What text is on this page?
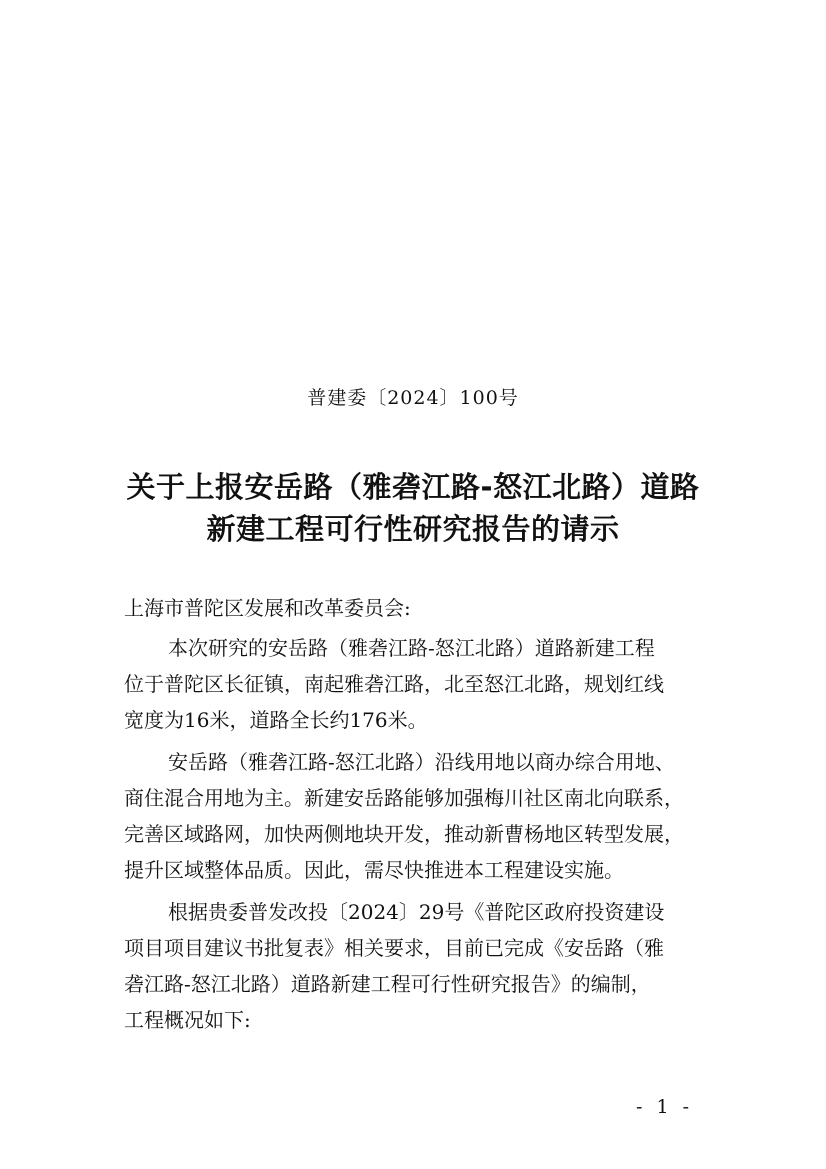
普建委〔2024〕100号
关于上报安岳路（雅砻江路-怒江北路）道路
新建工程可行性研究报告的请示
上海市普陀区发展和改革委员会:
本次研究的安岳路（雅砻江路-怒江北路）道路新建工程
位于普陀区长征镇，南起雅砻江路，北至怒江北路，规划红线
宽度为16米，道路全长约176米。
安岳路（雅砻江路-怒江北路）沿线用地以商办综合用地、
商住混合用地为主。新建安岳路能够加强梅川社区南北向联系，
完善区域路网，加快两侧地块开发，推动新曹杨地区转型发展，
提升区域整体品质。因此，需尽快推进本工程建设实施。
根据贵委普发改投〔2024〕29号《普陀区政府投资建设
项目项目建议书批复表》相关要求，目前已完成《安岳路（雅
砻江路-怒江北路）道路新建工程可行性研究报告》的编制，
工程概况如下:
- 1 -
